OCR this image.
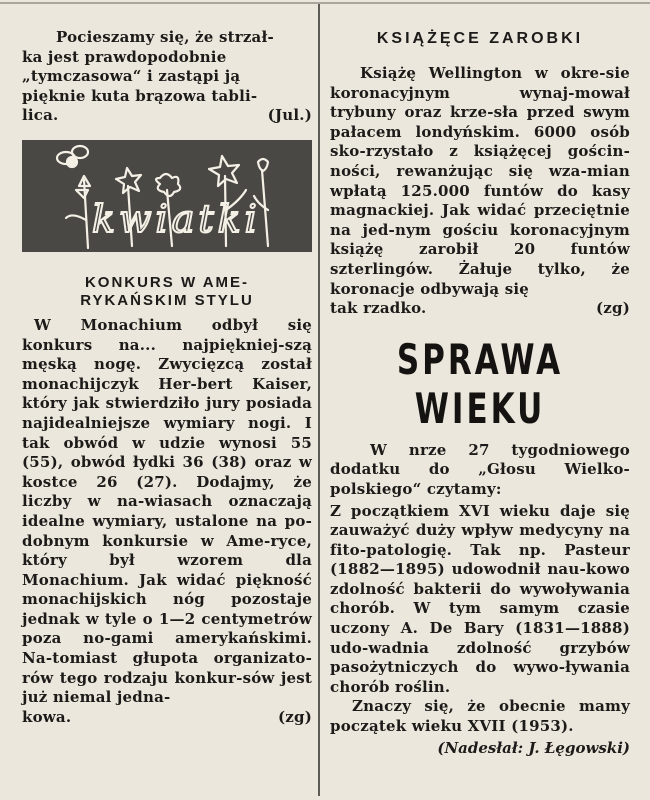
Pocieszamy się, że strzał-
ka jest prawdopodobnie
„tymczasowa“ i zastąpi ją
pięknie kuta brązowa tabli-

lica.	(Jul.)
kwiatki
KONKURS W AME-
RYKAŃSKIM STYLU

W Monachium odbył się konkurs na... najpiękniej-szą męską nogę. Zwycięzcą został monachijczyk Her-bert Kaiser, który jak stwierdziło jury posiada najidealniejsze wymiary nogi. I tak obwód w udzie wynosi 55 (55), obwód łydki 36 (38) oraz w kostce 26 (27). Dodajmy, że liczby w na-wiasach oznaczają idealne wymiary, ustalone na po-dobnym konkursie w Ame-ryce, który był wzorem dla Monachium. Jak widać piękność monachijskich nóg pozostaje jednak w tyle o 1—2 centymetrów poza no-gami amerykańskimi. Na-tomiast głupota organizato-rów tego rodzaju konkur-sów jest już niemal jedna-

kowa.	(zg)
KSIĄŻĘCE ZAROBKI

Książę Wellington w okre-sie koronacyjnym wynaj-mował trybuny oraz krze-sła przed swym pałacem londyńskim. 6000 osób sko-rzystało z książęcej gościn-ności, rewanżując się wza-mian wpłatą 125.000 funtów do kasy magnackiej. Jak widać przeciętnie na jed-nym gościu koronacyjnym książę zarobił 20 funtów szterlingów. Żałuje tylko, że koronacje odbywają się

tak rzadko.	(zg)
SPRAWA WIEKU

W nrze 27 tygodniowego dodatku do „Głosu Wielko-polskiego“ czytamy:

Z początkiem XVI wieku daje się zauważyć duży wpływ medycyny na fito-patologię. Tak np. Pasteur (1882—1895) udowodnił nau-kowo zdolność bakterii do wywoływania chorób. W tym samym czasie uczony A. De Bary (1831—1888) udo-wadnia zdolność grzybów pasożytniczych do wywo-ływania chorób roślin.

Znaczy się, że obecnie mamy początek wieku XVII (1953).

(Nadesłał: J. Łęgowski)
